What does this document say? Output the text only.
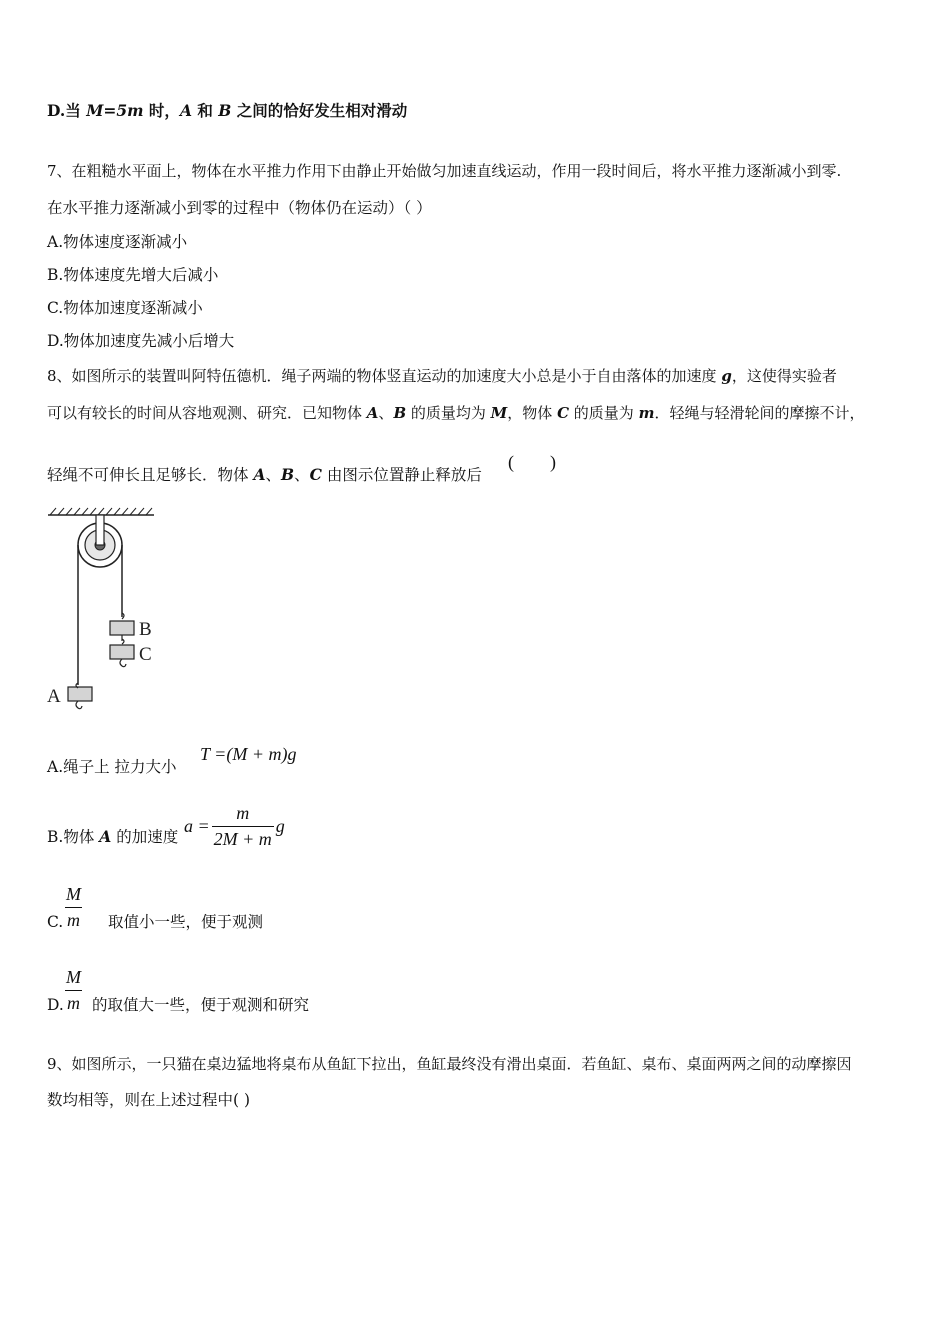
D.当 M=5m 时，A 和 B 之间的恰好发生相对滑动
7、在粗糙水平面上，物体在水平推力作用下由静止开始做匀加速直线运动，作用一段时间后，将水平推力逐渐减小到零.
在水平推力逐渐减小到零的过程中（物体仍在运动）（ ）
A.物体速度逐渐减小
B.物体速度先增大后减小
C.物体加速度逐渐减小
D.物体加速度先减小后增大
8、如图所示的装置叫阿特伍德机．绳子两端的物体竖直运动的加速度大小总是小于自由落体的加速度 g，这使得实验者
可以有较长的时间从容地观测、研究．已知物体 A、B 的质量均为 M，物体 C 的质量为 m．轻绳与轻滑轮间的摩擦不计，
轻绳不可伸长且足够长．物体 A、B、C 由图示位置静止释放后
(        )
B
C
A
A.绳子上 拉力大小
T =(M + m)g
B.物体 A 的加速度
$a = \frac{m}{2M + m}$ g
C. $\frac{M}{m}$ 取值小一些，便于观测
D. $\frac{M}{m}$ 的取值大一些，便于观测和研究
9、如图所示，一只猫在桌边猛地将桌布从鱼缸下拉出，鱼缸最终没有滑出桌面．若鱼缸、桌布、桌面两两之间的动摩擦因
数均相等，则在上述过程中( )
